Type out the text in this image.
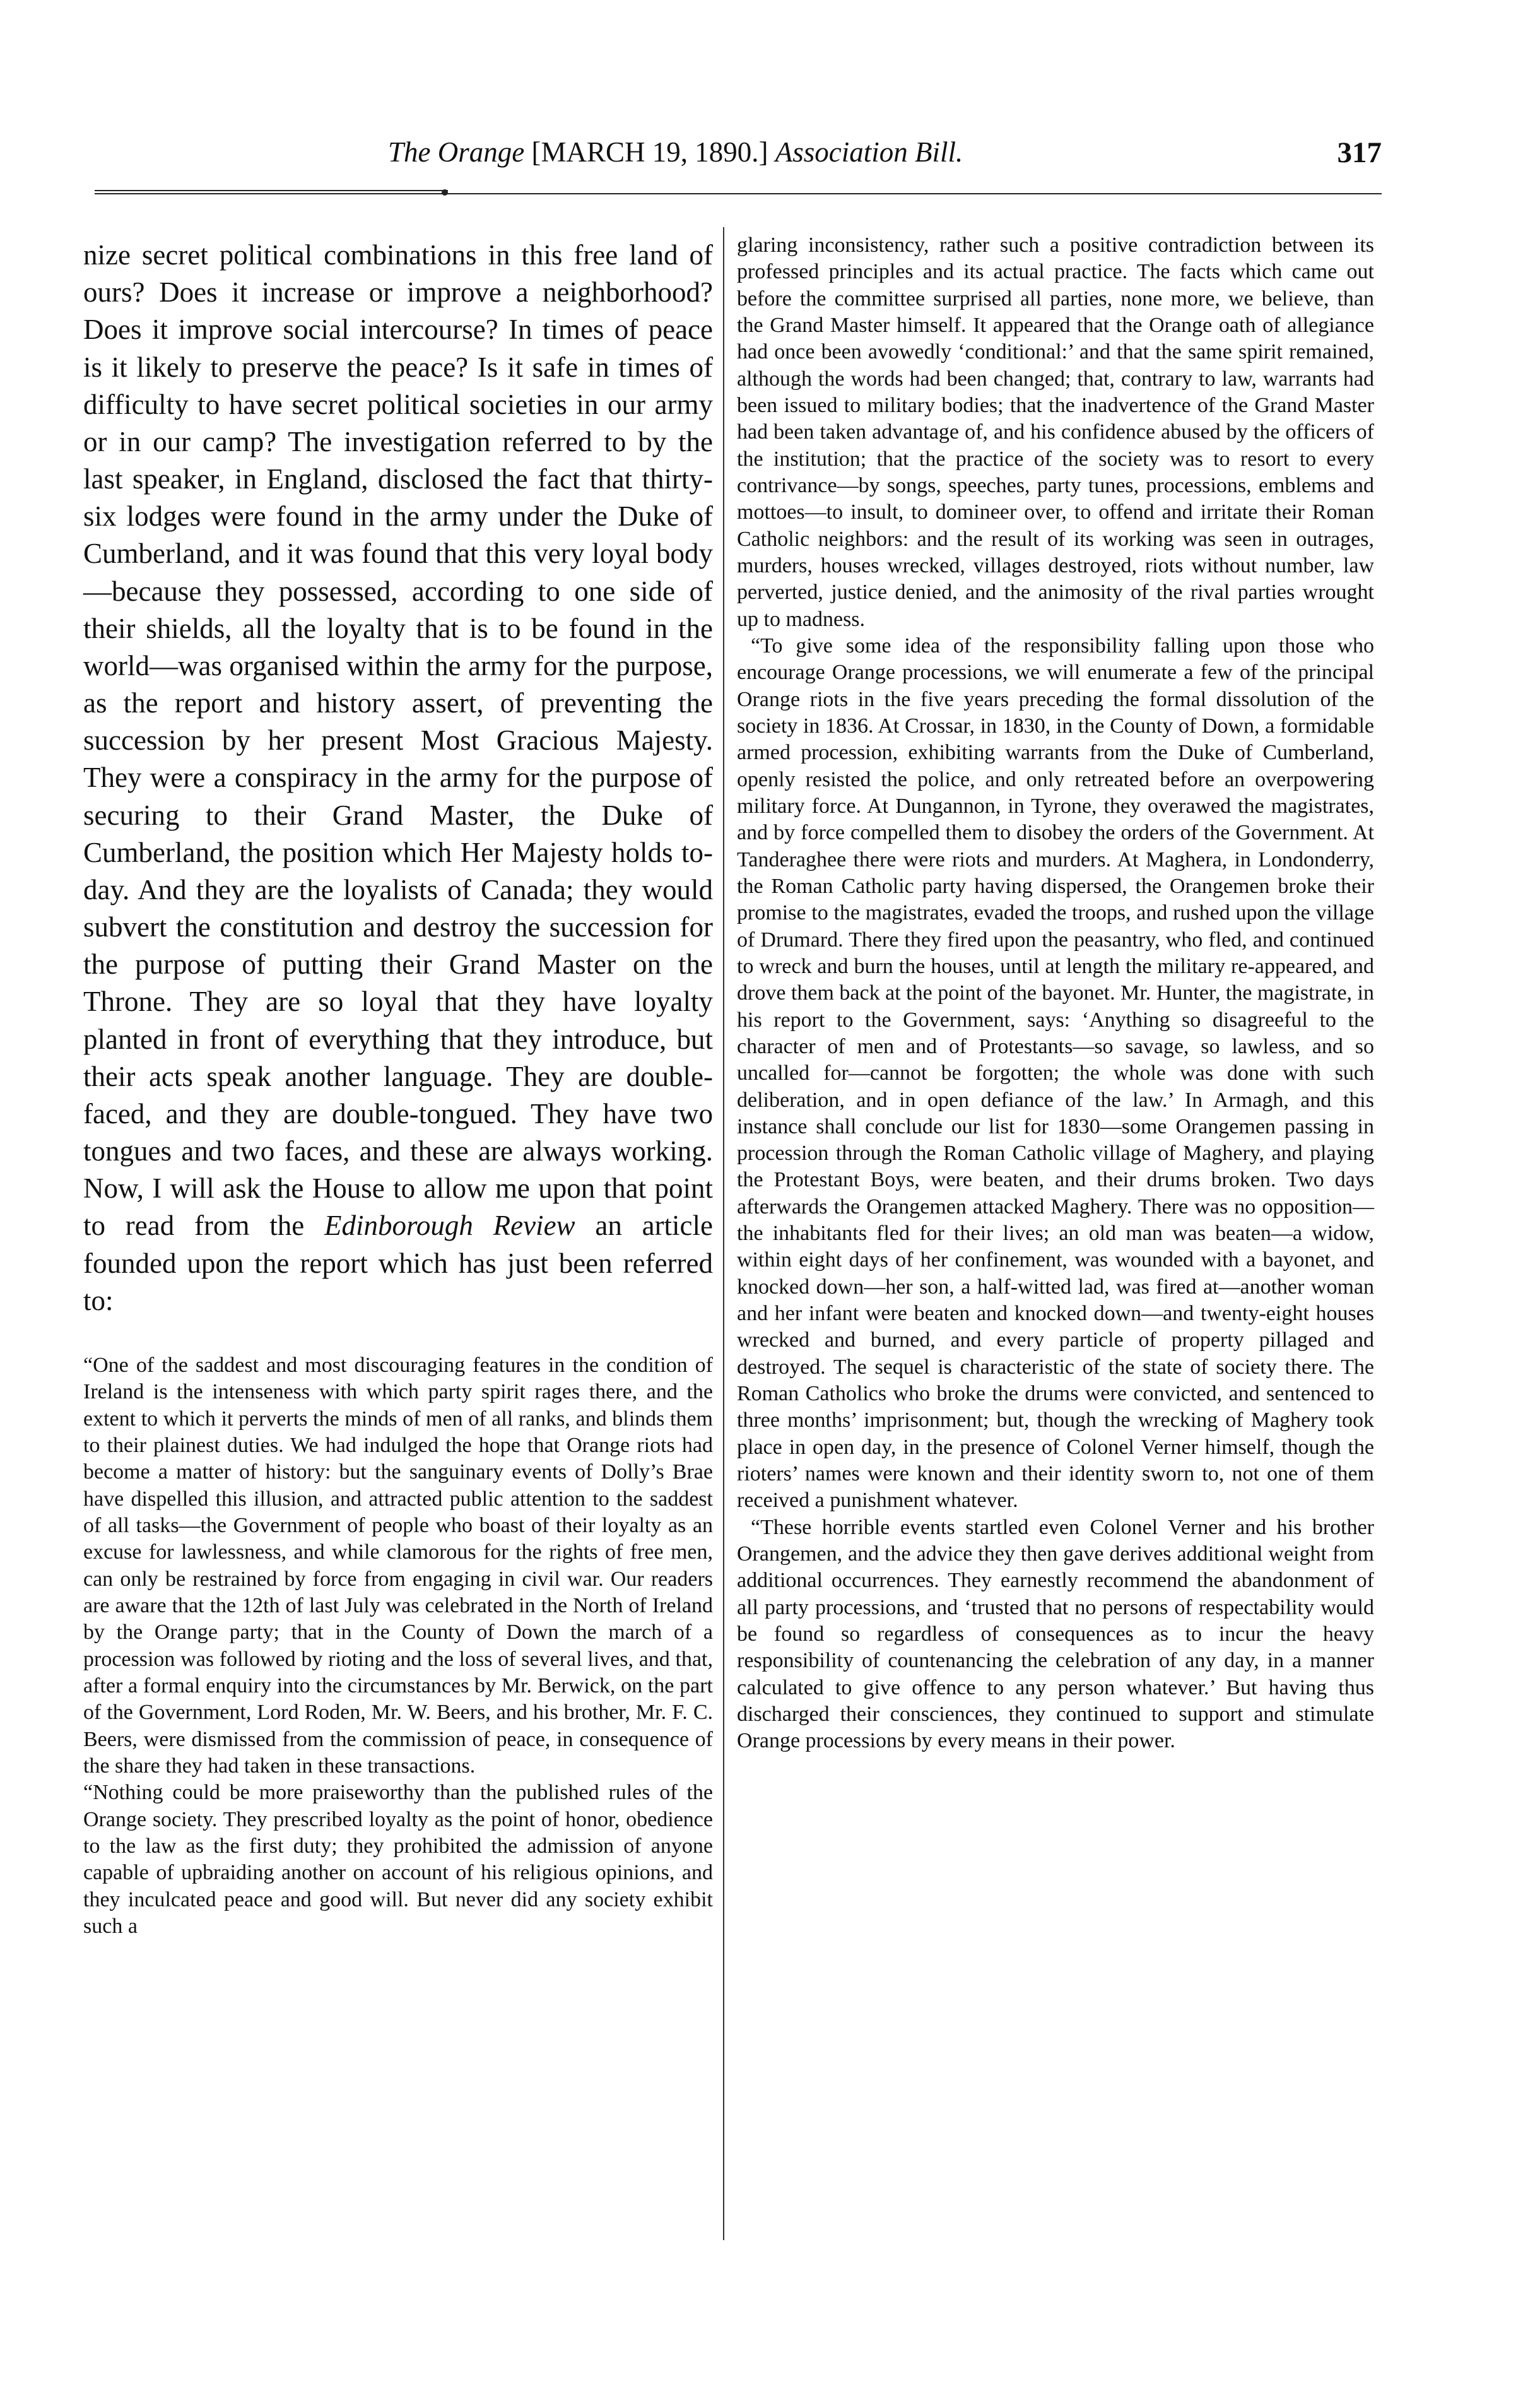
The Orange [MARCH 19, 1890.] Association Bill.	317

nize secret political combinations in this free land of ours? Does it increase or improve a neighborhood? Does it improve social intercourse? In times of peace is it likely to preserve the peace? Is it safe in times of difficulty to have secret political societies in our army or in our camp? The investigation referred to by the last speaker, in England, disclosed the fact that thirty-six lodges were found in the army under the Duke of Cumberland, and it was found that this very loyal body—because they possessed, according to one side of their shields, all the loyalty that is to be found in the world—was organised within the army for the purpose, as the report and history assert, of preventing the succession by her present Most Gracious Majesty. They were a conspiracy in the army for the purpose of securing to their Grand Master, the Duke of Cumberland, the position which Her Majesty holds to-day. And they are the loyalists of Canada; they would subvert the constitution and destroy the succession for the purpose of putting their Grand Master on the Throne. They are so loyal that they have loyalty planted in front of everything that they introduce, but their acts speak another language. They are double-faced, and they are double-tongued. They have two tongues and two faces, and these are always working. Now, I will ask the House to allow me upon that point to read from the Edinborough Review an article founded upon the report which has just been referred to:

“One of the saddest and most discouraging features in the condition of Ireland is the intenseness with which party spirit rages there, and the extent to which it perverts the minds of men of all ranks, and blinds them to their plainest duties. We had indulged the hope that Orange riots had become a matter of history: but the sanguinary events of Dolly’s Brae have dispelled this illusion, and attracted public attention to the saddest of all tasks—the Government of people who boast of their loyalty as an excuse for lawlessness, and while clamorous for the rights of free men, can only be restrained by force from engaging in civil war. Our readers are aware that the 12th of last July was celebrated in the North of Ireland by the Orange party; that in the County of Down the march of a procession was followed by rioting and the loss of several lives, and that, after a formal enquiry into the circumstances by Mr. Berwick, on the part of the Government, Lord Roden, Mr. W. Beers, and his brother, Mr. F. C. Beers, were dismissed from the commission of peace, in consequence of the share they had taken in these transactions.

“Nothing could be more praiseworthy than the published rules of the Orange society. They prescribed loyalty as the point of honor, obedience to the law as the first duty; they prohibited the admission of anyone capable of upbraiding another on account of his religious opinions, and they inculcated peace and good will. But never did any society exhibit such a

glaring inconsistency, rather such a positive contradiction between its professed principles and its actual practice. The facts which came out before the committee surprised all parties, none more, we believe, than the Grand Master himself. It appeared that the Orange oath of allegiance had once been avowedly ‘conditional:’ and that the same spirit remained, although the words had been changed; that, contrary to law, warrants had been issued to military bodies; that the inadvertence of the Grand Master had been taken advantage of, and his confidence abused by the officers of the institution; that the practice of the society was to resort to every contrivance—by songs, speeches, party tunes, processions, emblems and mottoes—to insult, to domineer over, to offend and irritate their Roman Catholic neighbors: and the result of its working was seen in outrages, murders, houses wrecked, villages destroyed, riots without number, law perverted, justice denied, and the animosity of the rival parties wrought up to madness.

“To give some idea of the responsibility falling upon those who encourage Orange processions, we will enumerate a few of the principal Orange riots in the five years preceding the formal dissolution of the society in 1836. At Crossar, in 1830, in the County of Down, a formidable armed procession, exhibiting warrants from the Duke of Cumberland, openly resisted the police, and only retreated before an overpowering military force. At Dungannon, in Tyrone, they overawed the magistrates, and by force compelled them to disobey the orders of the Government. At Tanderaghee there were riots and murders. At Maghera, in Londonderry, the Roman Catholic party having dispersed, the Orangemen broke their promise to the magistrates, evaded the troops, and rushed upon the village of Drumard. There they fired upon the peasantry, who fled, and continued to wreck and burn the houses, until at length the military re-appeared, and drove them back at the point of the bayonet. Mr. Hunter, the magistrate, in his report to the Government, says: ‘Anything so disagreeful to the character of men and of Protestants—so savage, so lawless, and so uncalled for—cannot be forgotten; the whole was done with such deliberation, and in open defiance of the law.’ In Armagh, and this instance shall conclude our list for 1830—some Orangemen passing in procession through the Roman Catholic village of Maghery, and playing the Protestant Boys, were beaten, and their drums broken. Two days afterwards the Orangemen attacked Maghery. There was no opposition—the inhabitants fled for their lives; an old man was beaten—a widow, within eight days of her confinement, was wounded with a bayonet, and knocked down—her son, a half-witted lad, was fired at—another woman and her infant were beaten and knocked down—and twenty-eight houses wrecked and burned, and every particle of property pillaged and destroyed. The sequel is characteristic of the state of society there. The Roman Catholics who broke the drums were convicted, and sentenced to three months’ imprisonment; but, though the wrecking of Maghery took place in open day, in the presence of Colonel Verner himself, though the rioters’ names were known and their identity sworn to, not one of them received a punishment whatever.

“These horrible events startled even Colonel Verner and his brother Orangemen, and the advice they then gave derives additional weight from additional occurrences. They earnestly recommend the abandonment of all party processions, and ‘trusted that no persons of respectability would be found so regardless of consequences as to incur the heavy responsibility of countenancing the celebration of any day, in a manner calculated to give offence to any person whatever.’ But having thus discharged their consciences, they continued to support and stimulate Orange processions by every means in their power.
